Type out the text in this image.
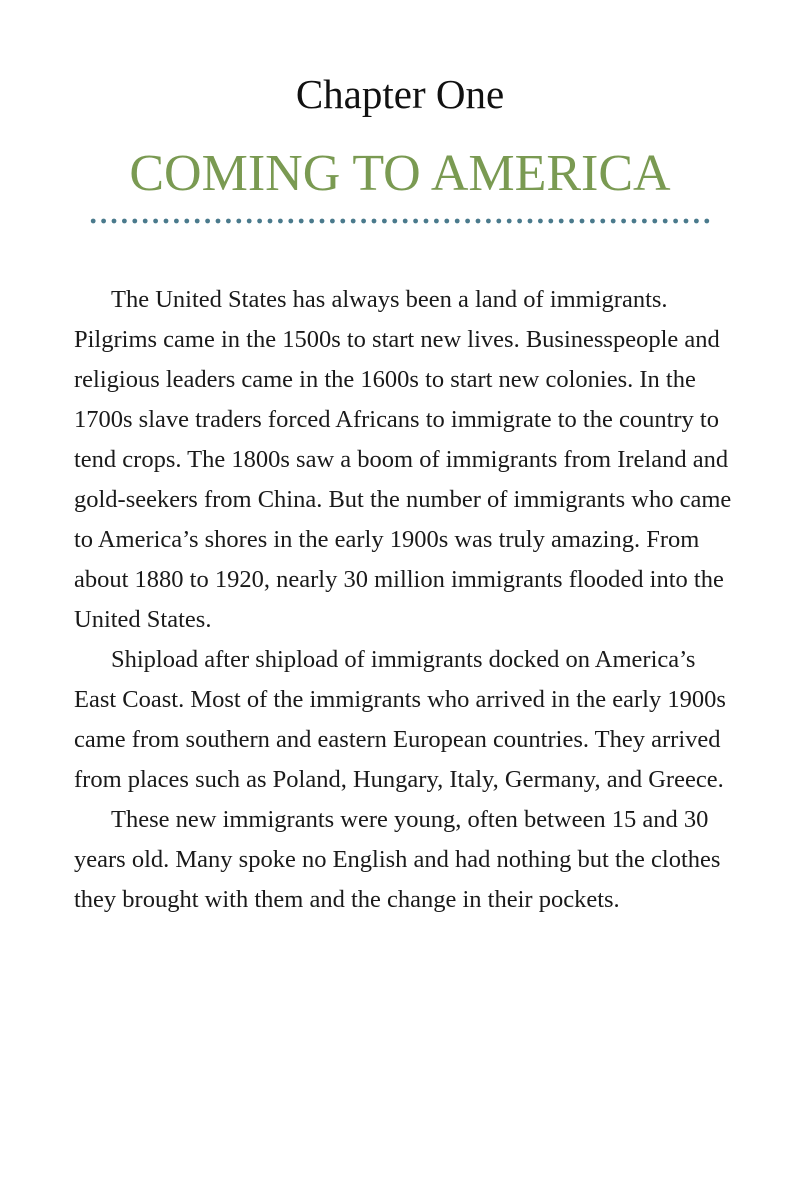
Chapter One
COMING TO AMERICA

The United States has always been a land of immigrants. Pilgrims came in the 1500s to start new lives. Businesspeople and religious leaders came in the 1600s to start new colonies. In the 1700s slave traders forced Africans to immigrate to the country to tend crops. The 1800s saw a boom of immigrants from Ireland and gold-seekers from China. But the number of immigrants who came to America’s shores in the early 1900s was truly amazing. From about 1880 to 1920, nearly 30 million immigrants flooded into the United States.

Shipload after shipload of immigrants docked on America’s East Coast. Most of the immigrants who arrived in the early 1900s came from southern and eastern European countries. They arrived from places such as Poland, Hungary, Italy, Germany, and Greece.

These new immigrants were young, often between 15 and 30 years old. Many spoke no English and had nothing but the clothes they brought with them and the change in their pockets.
